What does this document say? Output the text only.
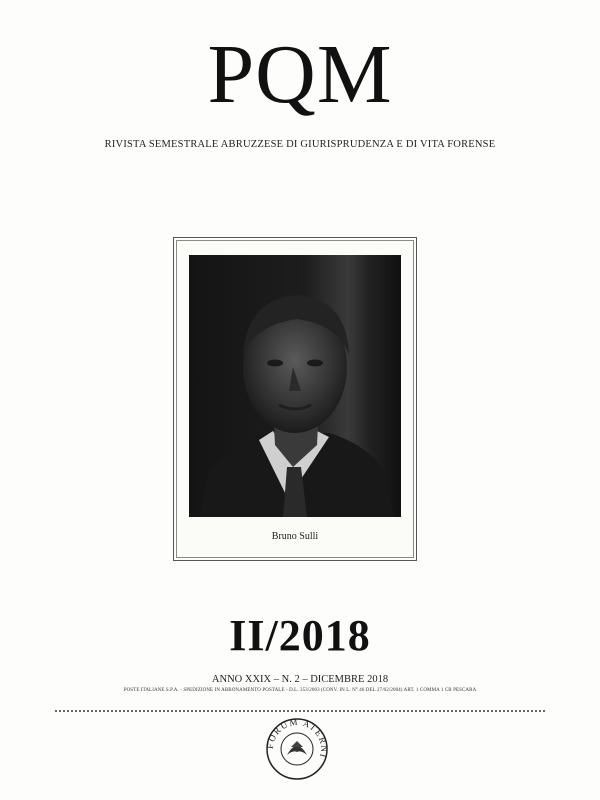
PQM
RIVISTA SEMESTRALE ABRUZZESE DI GIURISPRUDENZA E DI VITA FORENSE
Bruno Sulli
II/2018
ANNO XXIX – N. 2 – DICEMBRE 2018
POSTE ITALIANE S.P.A. - SPEDIZIONE IN ABBONAMENTO POSTALE - D.L. 353/2003 (CONV. IN L. N° 46 DEL 27/02/2004) ART. 1 COMMA 1 CB PESCARA
FORUM ATERNI
